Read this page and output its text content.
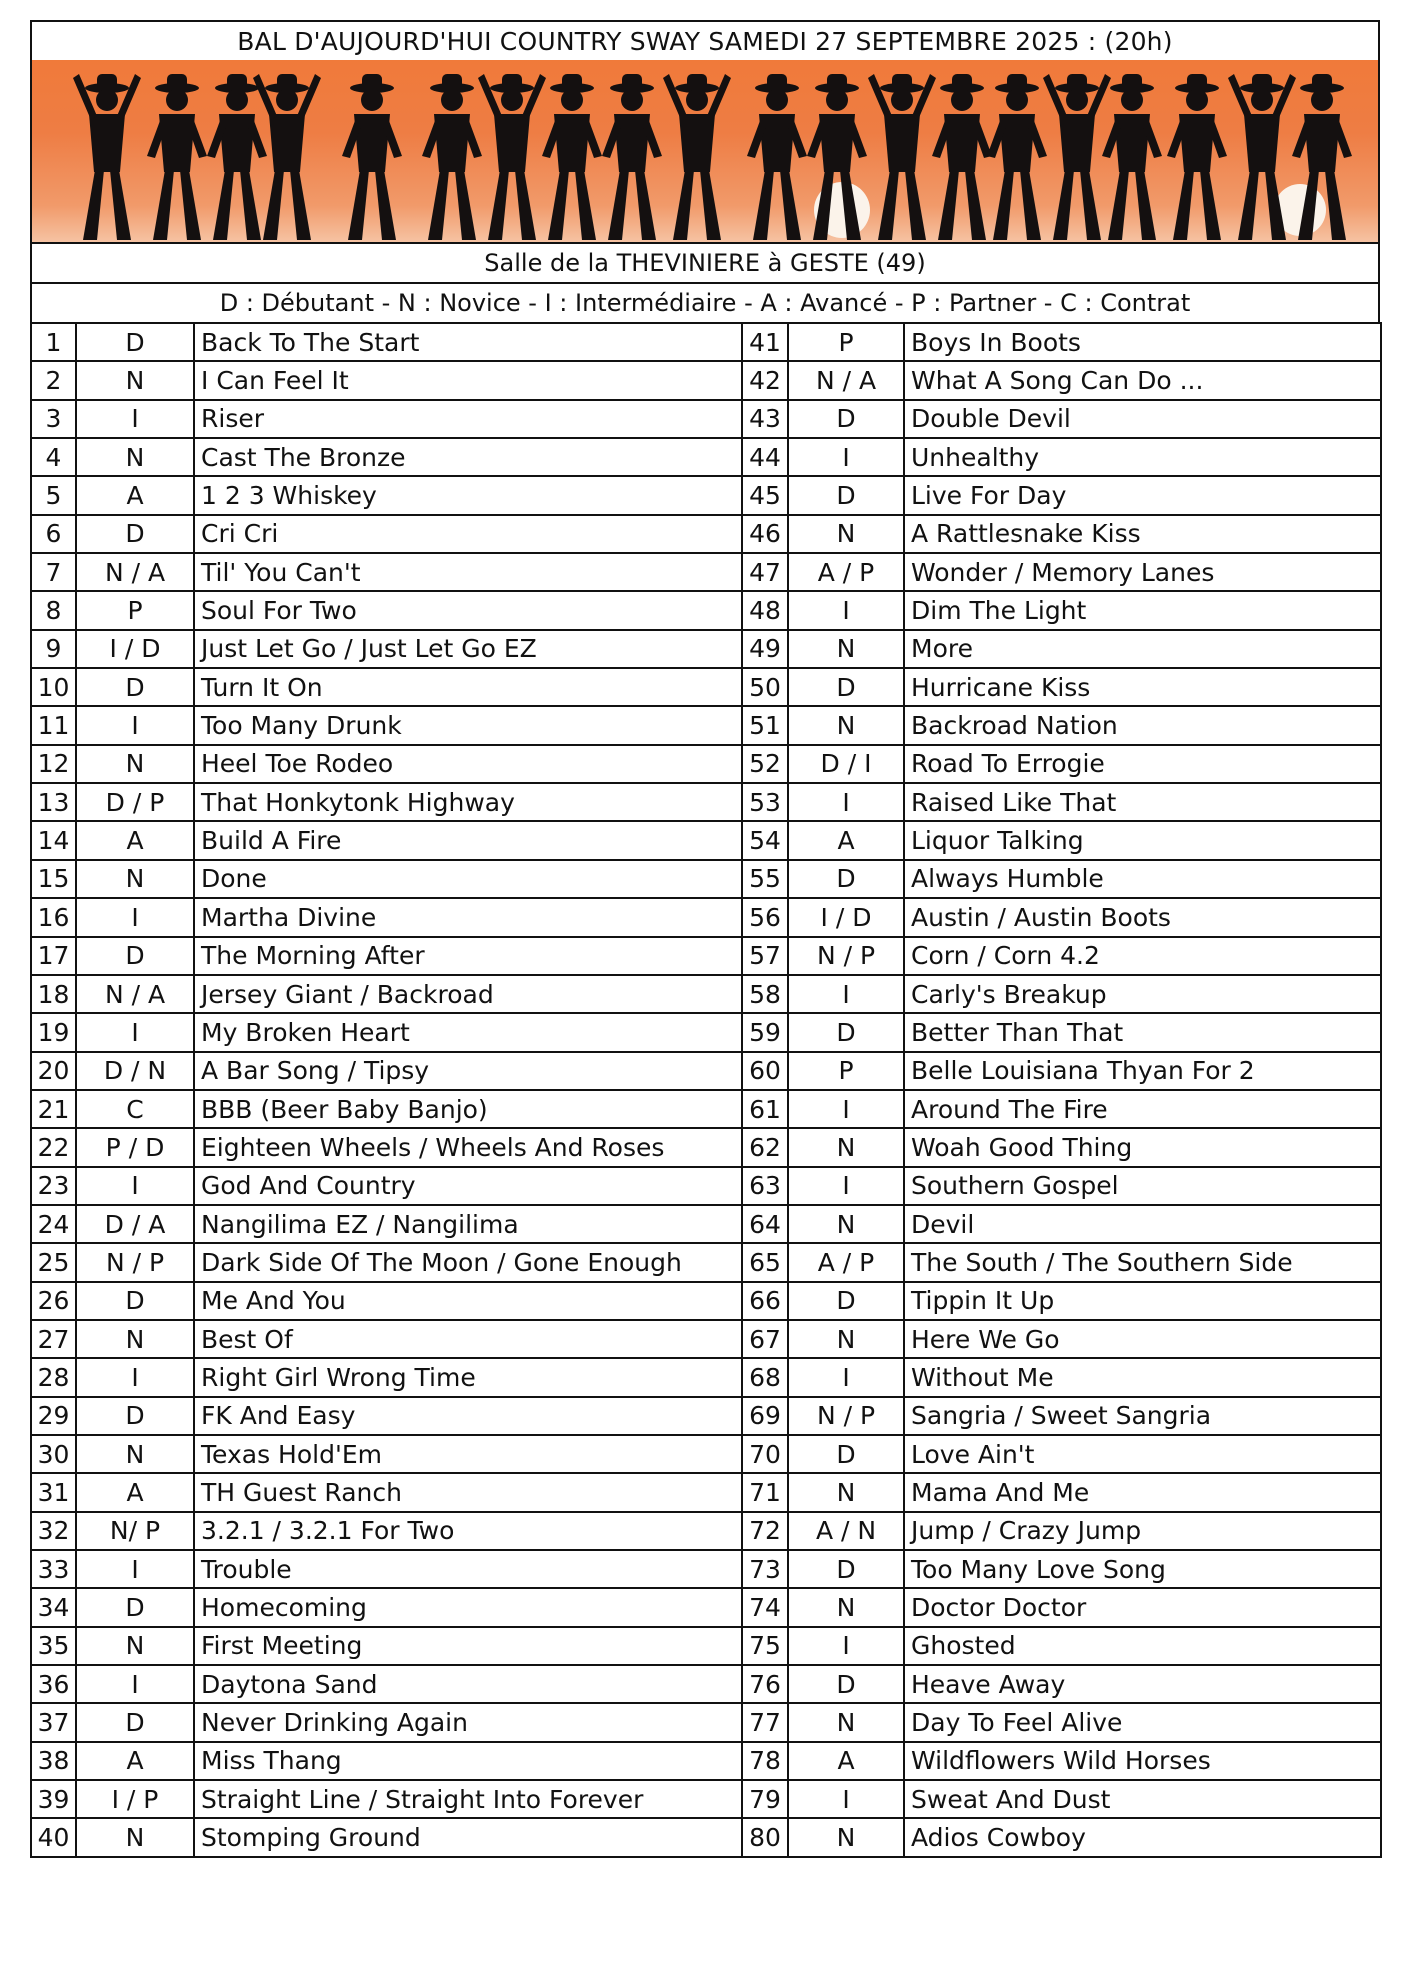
BAL D'AUJOURD'HUI COUNTRY SWAY SAMEDI 27 SEPTEMBRE 2025 : (20h)
Salle de la THEVINIERE à GESTE (49)
D : Débutant - N : Novice - I : Intermédiaire - A : Avancé - P : Partner - C : Contrat
1	D	Back To The Start	41	P	Boys In Boots
2	N	I Can Feel It	42	N / A	What A Song Can Do ...
3	I	Riser	43	D	Double Devil
4	N	Cast The Bronze	44	I	Unhealthy
5	A	1 2 3 Whiskey	45	D	Live For Day
6	D	Cri Cri	46	N	A Rattlesnake Kiss
7	N / A	Til' You Can't	47	A / P	Wonder / Memory Lanes
8	P	Soul For Two	48	I	Dim The Light
9	I / D	Just Let Go / Just Let Go EZ	49	N	More
10	D	Turn It On	50	D	Hurricane Kiss
11	I	Too Many Drunk	51	N	Backroad Nation
12	N	Heel Toe Rodeo	52	D / I	Road To Errogie
13	D / P	That Honkytonk Highway	53	I	Raised Like That
14	A	Build A Fire	54	A	Liquor Talking
15	N	Done	55	D	Always Humble
16	I	Martha Divine	56	I / D	Austin / Austin Boots
17	D	The Morning After	57	N / P	Corn / Corn 4.2
18	N / A	Jersey Giant / Backroad	58	I	Carly's Breakup
19	I	My Broken Heart	59	D	Better Than That
20	D / N	A Bar Song / Tipsy	60	P	Belle Louisiana Thyan For 2
21	C	BBB (Beer Baby Banjo)	61	I	Around The Fire
22	P / D	Eighteen Wheels / Wheels And Roses	62	N	Woah Good Thing
23	I	God And Country	63	I	Southern Gospel
24	D / A	Nangilima EZ / Nangilima	64	N	Devil
25	N / P	Dark Side Of The Moon / Gone Enough	65	A / P	The South / The Southern Side
26	D	Me And You	66	D	Tippin It Up
27	N	Best Of	67	N	Here We Go
28	I	Right Girl Wrong Time	68	I	Without Me
29	D	FK And Easy	69	N / P	Sangria / Sweet Sangria
30	N	Texas Hold'Em	70	D	Love Ain't
31	A	TH Guest Ranch	71	N	Mama And Me
32	N/ P	3.2.1 / 3.2.1 For Two	72	A / N	Jump / Crazy Jump
33	I	Trouble	73	D	Too Many Love Song
34	D	Homecoming	74	N	Doctor Doctor
35	N	First Meeting	75	I	Ghosted
36	I	Daytona Sand	76	D	Heave Away
37	D	Never Drinking Again	77	N	Day To Feel Alive
38	A	Miss Thang	78	A	Wildflowers Wild Horses
39	I / P	Straight Line / Straight Into Forever	79	I	Sweat And Dust
40	N	Stomping Ground	80	N	Adios Cowboy
